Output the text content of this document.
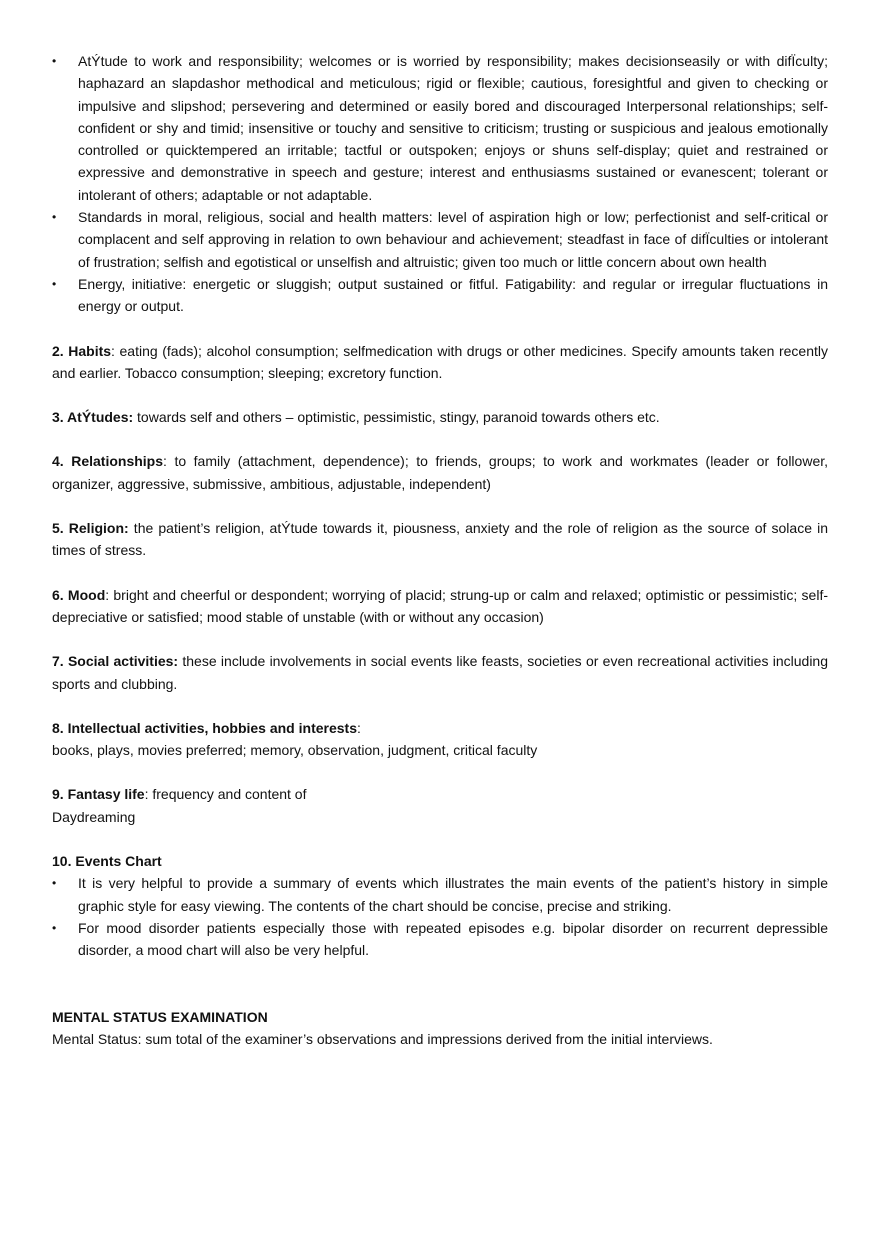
•	AtÝtude to work and responsibility; welcomes or is worried by responsibility; makes decisionseasily or with difÏculty; haphazard an slapdashor methodical and meticulous; rigid or flexible; cautious, foresightful and given to checking or impulsive and slipshod; persevering and determined or easily bored and discouraged Interpersonal relationships; self-confident or shy and timid; insensitive or touchy and sensitive to criticism; trusting or suspicious and jealous emotionally controlled or quicktempered an irritable; tactful or outspoken; enjoys or shuns self-display; quiet and restrained or expressive and demonstrative in speech and gesture; interest and enthusiasms sustained or evanescent; tolerant or intolerant of others; adaptable or not adaptable.
•	Standards in moral, religious, social and health matters: level of aspiration high or low; perfectionist and self-critical or complacent and self approving in relation to own behaviour and achievement; steadfast in face of difÏculties or intolerant of frustration; selfish and egotistical or unselfish and altruistic; given too much or little concern about own health
•	Energy, initiative: energetic or sluggish; output sustained or fitful. Fatigability: and regular or irregular fluctuations in energy or output.

2. Habits: eating (fads); alcohol consumption; selfmedication with drugs or other medicines. Specify amounts taken recently and earlier. Tobacco consumption; sleeping; excretory function.

3. AtÝtudes: towards self and others – optimistic, pessimistic, stingy, paranoid towards others etc.

4. Relationships: to family (attachment, dependence); to friends, groups; to work and workmates (leader or follower, organizer, aggressive, submissive, ambitious, adjustable, independent)

5. Religion: the patient’s religion, atÝtude towards it, piousness, anxiety and the role of religion as the source of solace in times of stress.

6. Mood: bright and cheerful or despondent; worrying of placid; strung-up or calm and relaxed; optimistic or pessimistic; self-depreciative or satisfied; mood stable of unstable (with or without any occasion)

7. Social activities: these include involvements in social events like feasts, societies or even recreational activities including sports and clubbing.

8. Intellectual activities, hobbies and interests:

books, plays, movies preferred; memory, observation, judgment, critical faculty

9. Fantasy life: frequency and content of

Daydreaming

10. Events Chart

•	It is very helpful to provide a summary of events which illustrates the main events of the patient’s history in simple graphic style for easy viewing. The contents of the chart should be concise, precise and striking.
•	For mood disorder patients especially those with repeated episodes e.g. bipolar disorder on recurrent depressible disorder, a mood chart will also be very helpful.

MENTAL STATUS EXAMINATION

Mental Status: sum total of the examiner’s observations and impressions derived from the initial interviews.
